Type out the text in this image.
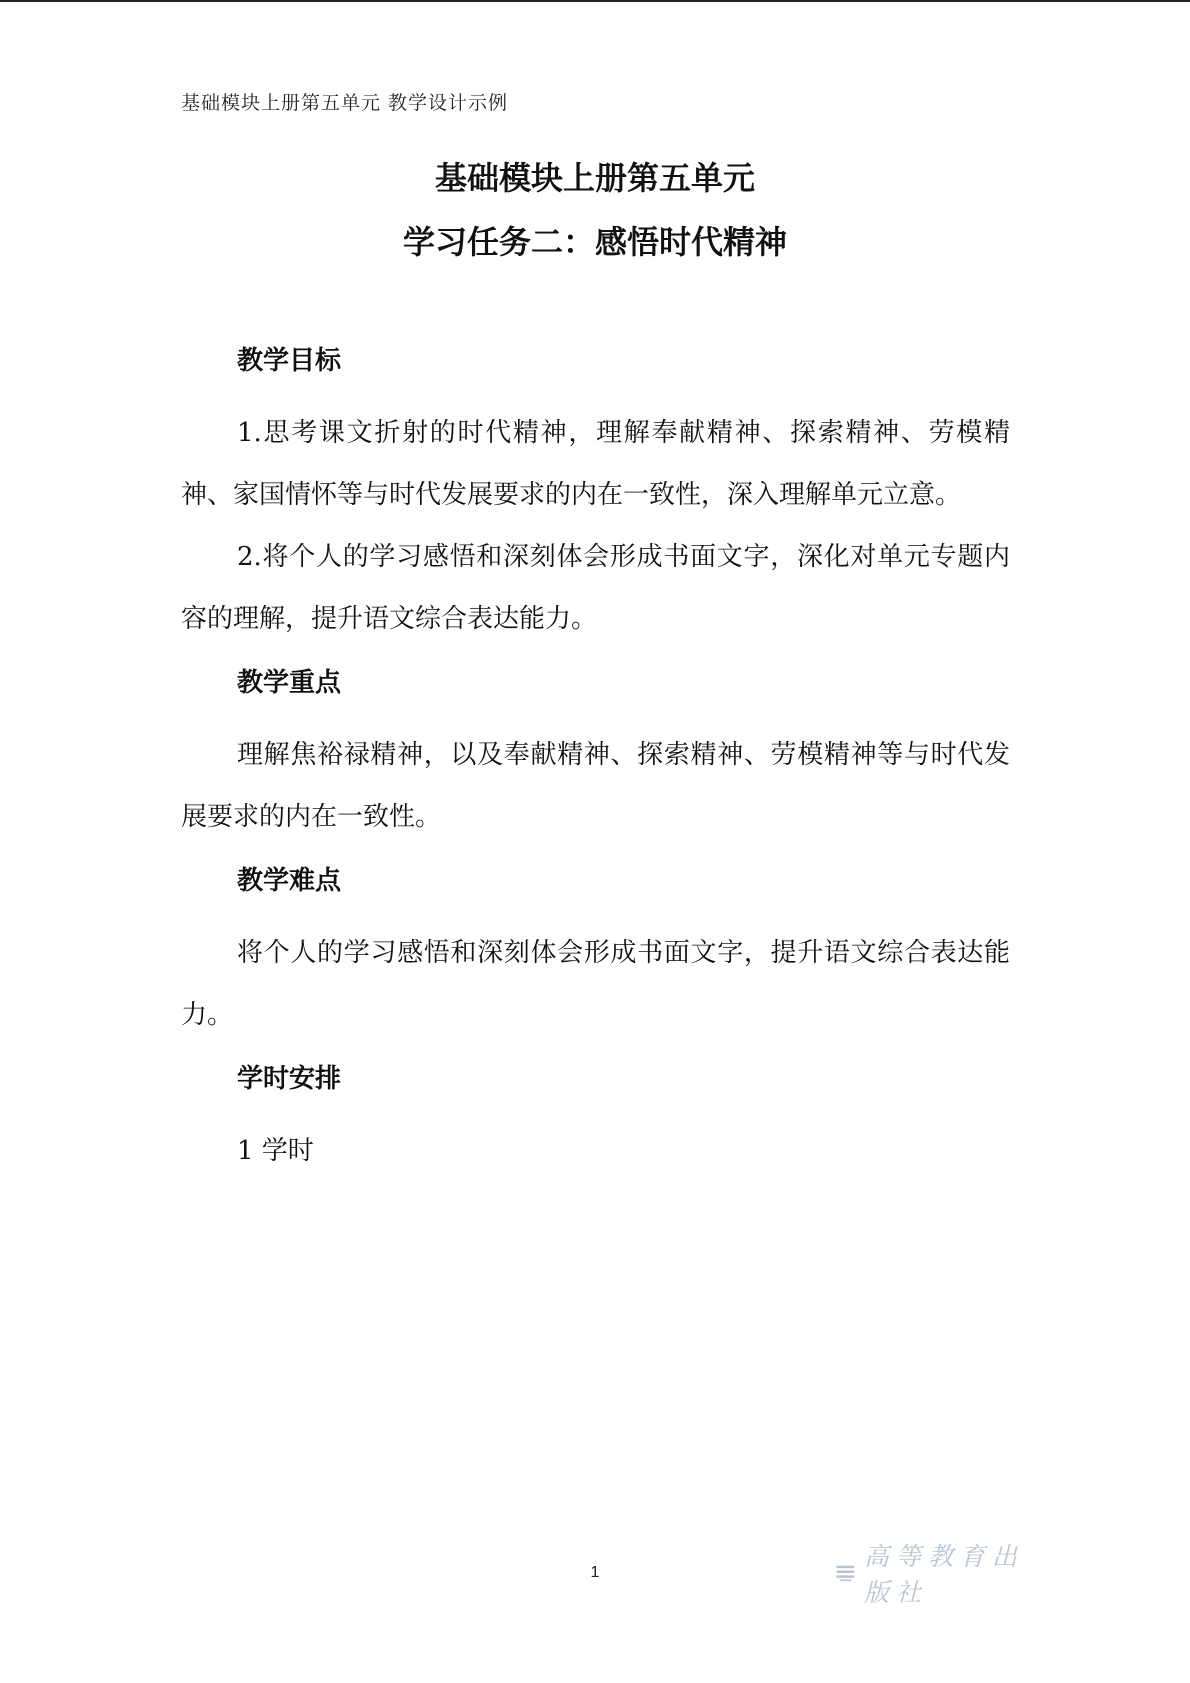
基础模块上册第五单元 教学设计示例
基础模块上册第五单元
学习任务二：感悟时代精神
教学目标

1.思考课文折射的时代精神，理解奉献精神、探索精神、劳模精神、家国情怀等与时代发展要求的内在一致性，深入理解单元立意。

2.将个人的学习感悟和深刻体会形成书面文字，深化对单元专题内容的理解，提升语文综合表达能力。

教学重点

理解焦裕禄精神，以及奉献精神、探索精神、劳模精神等与时代发展要求的内在一致性。

教学难点

将个人的学习感悟和深刻体会形成书面文字，提升语文综合表达能力。

学时安排

1 学时

1
高等教育出版社
